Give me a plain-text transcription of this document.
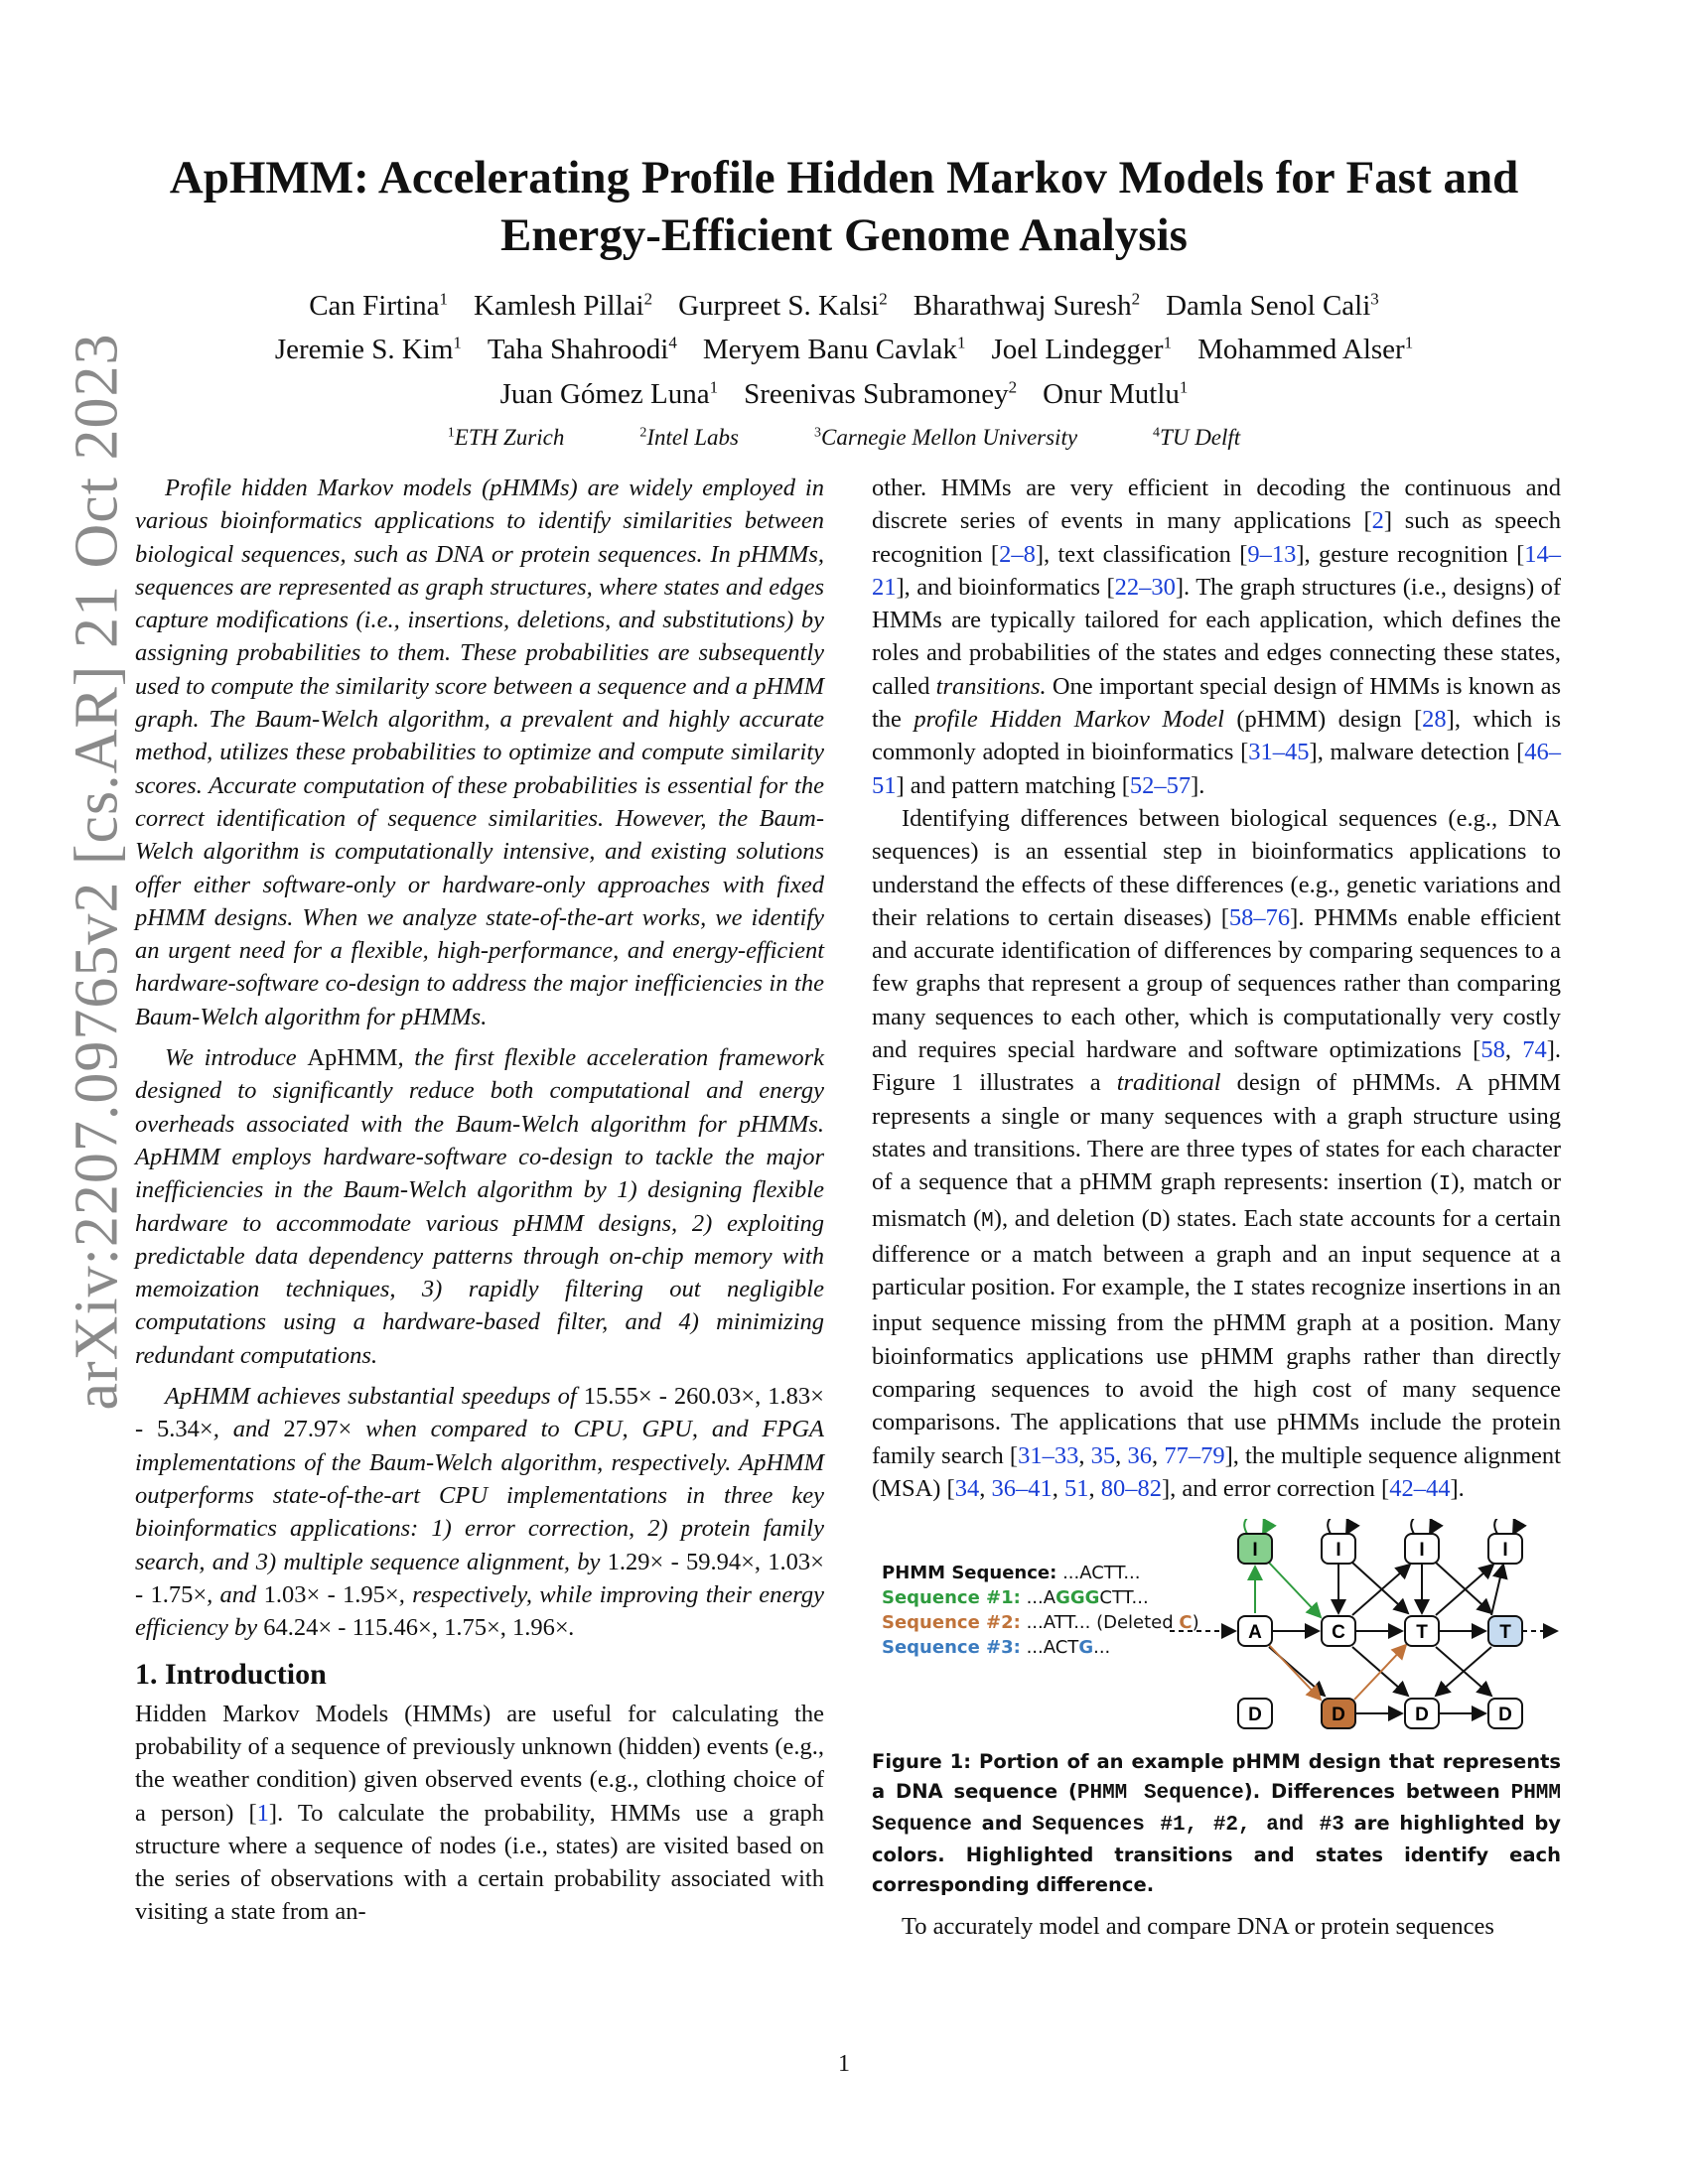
arXiv:2207.09765v2 [cs.AR] 21 Oct 2023
ApHMM: Accelerating Profile Hidden Markov Models for Fast and Energy-Efficient Genome Analysis
Can Firtina$^1$ Kamlesh Pillai$^2$ Gurpreet S. Kalsi$^2$ Bharathwaj Suresh$^2$ Damla Senol Cali$^3$
Jeremie S. Kim$^1$ Taha Shahroodi$^4$ Meryem Banu Cavlak$^1$ Joel Lindegger$^1$ Mohammed Alser$^1$
Juan Gómez Luna$^1$ Sreenivas Subramoney$^2$ Onur Mutlu$^1$
$^1$ETH Zurich	$^2$Intel Labs	$^3$Carnegie Mellon University	$^4$TU Delft

Profile hidden Markov models (pHMMs) are widely employed in various bioinformatics applications to identify similarities between biological sequences, such as DNA or protein sequences. In pHMMs, sequences are represented as graph structures, where states and edges capture modifications (i.e., insertions, deletions, and substitutions) by assigning probabilities to them. These probabilities are subsequently used to compute the similarity score between a sequence and a pHMM graph. The Baum-Welch algorithm, a prevalent and highly accurate method, utilizes these probabilities to optimize and compute similarity scores. Accurate computation of these probabilities is essential for the correct identification of sequence similarities. However, the Baum-Welch algorithm is computationally intensive, and existing solutions offer either software-only or hardware-only approaches with fixed pHMM designs. When we analyze state-of-the-art works, we identify an urgent need for a flexible, high-performance, and energy-efficient hardware-software co-design to address the major inefficiencies in the Baum-Welch algorithm for pHMMs.

We introduce ApHMM, the first flexible acceleration framework designed to significantly reduce both computational and energy overheads associated with the Baum-Welch algorithm for pHMMs. ApHMM employs hardware-software co-design to tackle the major inefficiencies in the Baum-Welch algorithm by 1) designing flexible hardware to accommodate various pHMM designs, 2) exploiting predictable data dependency patterns through on-chip memory with memoization techniques, 3) rapidly filtering out negligible computations using a hardware-based filter, and 4) minimizing redundant computations.

ApHMM achieves substantial speedups of 15.55× - 260.03×, 1.83× - 5.34×, and 27.97× when compared to CPU, GPU, and FPGA implementations of the Baum-Welch algorithm, respectively. ApHMM outperforms state-of-the-art CPU implementations in three key bioinformatics applications: 1) error correction, 2) protein family search, and 3) multiple sequence alignment, by 1.29× - 59.94×, 1.03× - 1.75×, and 1.03× - 1.95×, respectively, while improving their energy efficiency by 64.24× - 115.46×, 1.75×, 1.96×.

1. Introduction

Hidden Markov Models (HMMs) are useful for calculating the probability of a sequence of previously unknown (hidden) events (e.g., the weather condition) given observed events (e.g., clothing choice of a person) [1]. To calculate the probability, HMMs use a graph structure where a sequence of nodes (i.e., states) are visited based on the series of observations with a certain probability associated with visiting a state from an-

other. HMMs are very efficient in decoding the continuous and discrete series of events in many applications [2] such as speech recognition [2–8], text classification [9–13], gesture recognition [14–21], and bioinformatics [22–30]. The graph structures (i.e., designs) of HMMs are typically tailored for each application, which defines the roles and probabilities of the states and edges connecting these states, called transitions. One important special design of HMMs is known as the profile Hidden Markov Model (pHMM) design [28], which is commonly adopted in bioinformatics [31–45], malware detection [46–51] and pattern matching [52–57].

Identifying differences between biological sequences (e.g., DNA sequences) is an essential step in bioinformatics applications to understand the effects of these differences (e.g., genetic variations and their relations to certain diseases) [58–76]. PHMMs enable efficient and accurate identification of differences by comparing sequences to a few graphs that represent a group of sequences rather than comparing many sequences to each other, which is computationally very costly and requires special hardware and software optimizations [58, 74]. Figure 1 illustrates a traditional design of pHMMs. A pHMM represents a single or many sequences with a graph structure using states and transitions. There are three types of states for each character of a sequence that a pHMM graph represents: insertion (I), match or mismatch (M), and deletion (D) states. Each state accounts for a certain difference or a match between a graph and an input sequence at a particular position. For example, the I states recognize insertions in an input sequence missing from the pHMM graph at a position. Many bioinformatics applications use pHMM graphs rather than directly comparing sequences to avoid the high cost of many sequence comparisons. The applications that use pHMMs include the protein family search [31–33, 35, 36, 77–79], the multiple sequence alignment (MSA) [34, 36–41, 51, 80–82], and error correction [42–44].

PHMM Sequence: ...ACTT...
Sequence #1: ...AGGGCTT...
Sequence #2: ...ATT... (Deleted C)
Sequence #3: ...ACTG...
I	I	I	I
A	C	T	T
D	D	D	D
Figure 1: Portion of an example pHMM design that represents a DNA sequence (PHMM Sequence). Differences between PHMM Sequence and Sequences #1, #2, and #3 are highlighted by colors. Highlighted transitions and states identify each corresponding difference.

To accurately model and compare DNA or protein sequences

1
